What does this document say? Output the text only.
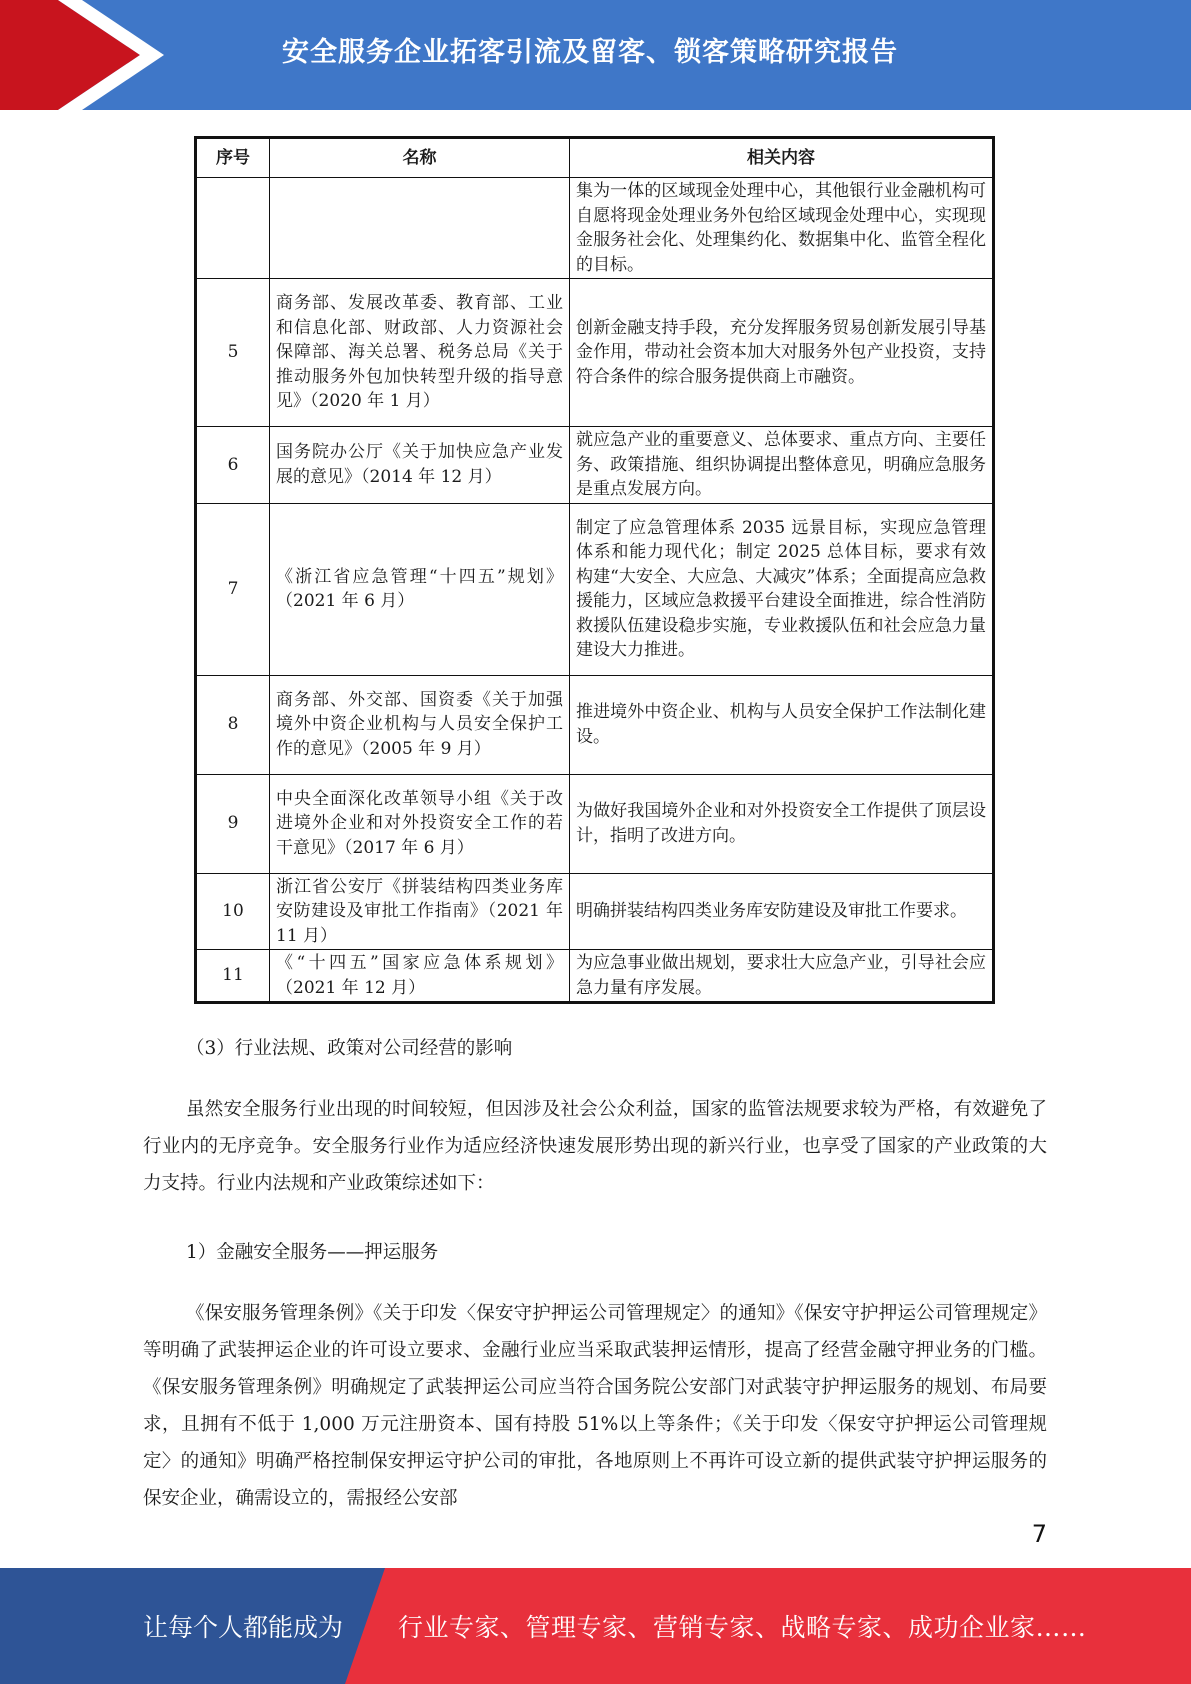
安全服务企业拓客引流及留客、锁客策略研究报告
序号	名称	相关内容
		集为一体的区域现金处理中心，其他银行业金融机构可自愿将现金处理业务外包给区域现金处理中心，实现现金服务社会化、处理集约化、数据集中化、监管全程化的目标。
5	商务部、发展改革委、教育部、工业和信息化部、财政部、人力资源社会保障部、海关总署、税务总局《关于推动服务外包加快转型升级的指导意见》（2020 年 1 月）	创新金融支持手段，充分发挥服务贸易创新发展引导基金作用，带动社会资本加大对服务外包产业投资，支持符合条件的综合服务提供商上市融资。
6	国务院办公厅《关于加快应急产业发展的意见》（2014 年 12 月）	就应急产业的重要意义、总体要求、重点方向、主要任务、政策措施、组织协调提出整体意见，明确应急服务是重点发展方向。
7	《浙江省应急管理“十四五”规划》（2021 年 6 月）	制定了应急管理体系 2035 远景目标，实现应急管理体系和能力现代化；制定 2025 总体目标，要求有效构建“大安全、大应急、大减灾”体系；全面提高应急救援能力，区域应急救援平台建设全面推进，综合性消防救援队伍建设稳步实施，专业救援队伍和社会应急力量建设大力推进。
8	商务部、外交部、国资委《关于加强境外中资企业机构与人员安全保护工作的意见》（2005 年 9 月）	推进境外中资企业、机构与人员安全保护工作法制化建设。
9	中央全面深化改革领导小组《关于改进境外企业和对外投资安全工作的若干意见》（2017 年 6 月）	为做好我国境外企业和对外投资安全工作提供了顶层设计，指明了改进方向。
10	浙江省公安厅《拼装结构四类业务库安防建设及审批工作指南》（2021 年 11 月）	明确拼装结构四类业务库安防建设及审批工作要求。
11	《“十四五”国家应急体系规划》（2021 年 12 月）	为应急事业做出规划，要求壮大应急产业，引导社会应急力量有序发展。

（3）行业法规、政策对公司经营的影响

虽然安全服务行业出现的时间较短，但因涉及社会公众利益，国家的监管法规要求较为严格，有效避免了行业内的无序竞争。安全服务行业作为适应经济快速发展形势出现的新兴行业，也享受了国家的产业政策的大力支持。行业内法规和产业政策综述如下：

1）金融安全服务——押运服务

《保安服务管理条例》《关于印发〈保安守护押运公司管理规定〉的通知》《保安守护押运公司管理规定》等明确了武装押运企业的许可设立要求、金融行业应当采取武装押运情形，提高了经营金融守押业务的门槛。《保安服务管理条例》明确规定了武装押运公司应当符合国务院公安部门对武装守护押运服务的规划、布局要求，且拥有不低于 1,000 万元注册资本、国有持股 51%以上等条件；《关于印发〈保安守护押运公司管理规定〉的通知》明确严格控制保安押运守护公司的审批，各地原则上不再许可设立新的提供武装守护押运服务的保安企业，确需设立的，需报经公安部

7
让每个人都能成为 行业专家、管理专家、营销专家、战略专家、成功企业家……
